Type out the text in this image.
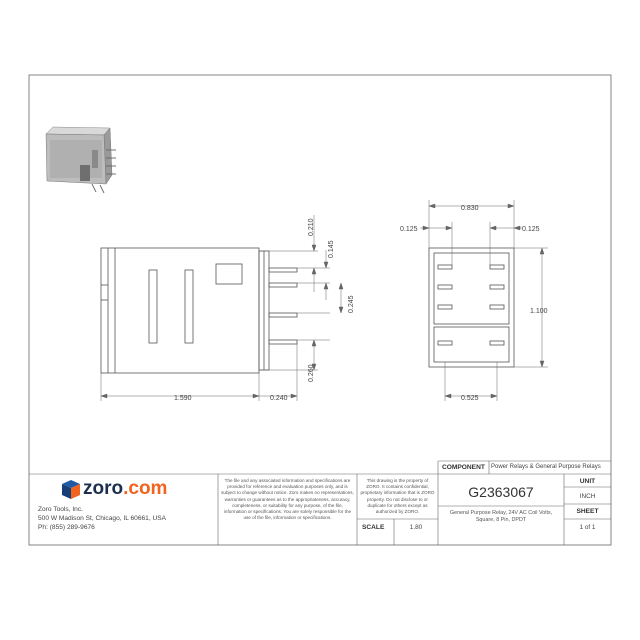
1.590	0.240
0.210
0.145
0.245
0.260
0.830
0.125	0.125
1.100
0.525
zoro.com
Zoro Tools, Inc.
500 W Madison St, Chicago, IL 60661, USA
Ph: (855) 289-9676
The file and any associated information and specifications are provided for reference and evaluation purposes only, and is subject to change without notice. Zoro makes no representations, warranties or guarantees as to the appropriateness, accuracy, completeness, or suitability for any purpose, of the file, information or specifications. You are solely responsible for the use of the file, information or specifications.
This drawing is the property of ZORO. It contains confidential, proprietary information that is ZORO property. Do not disclose to or duplicate for others except as authorized by ZORO.
COMPONENT Power Relays & General Purpose Relays
G2363067
General Purpose Relay, 24V AC Coil Volts, Square, 8 Pin, DPDT
SCALE	1.80
UNIT
INCH
SHEET
1 of 1
